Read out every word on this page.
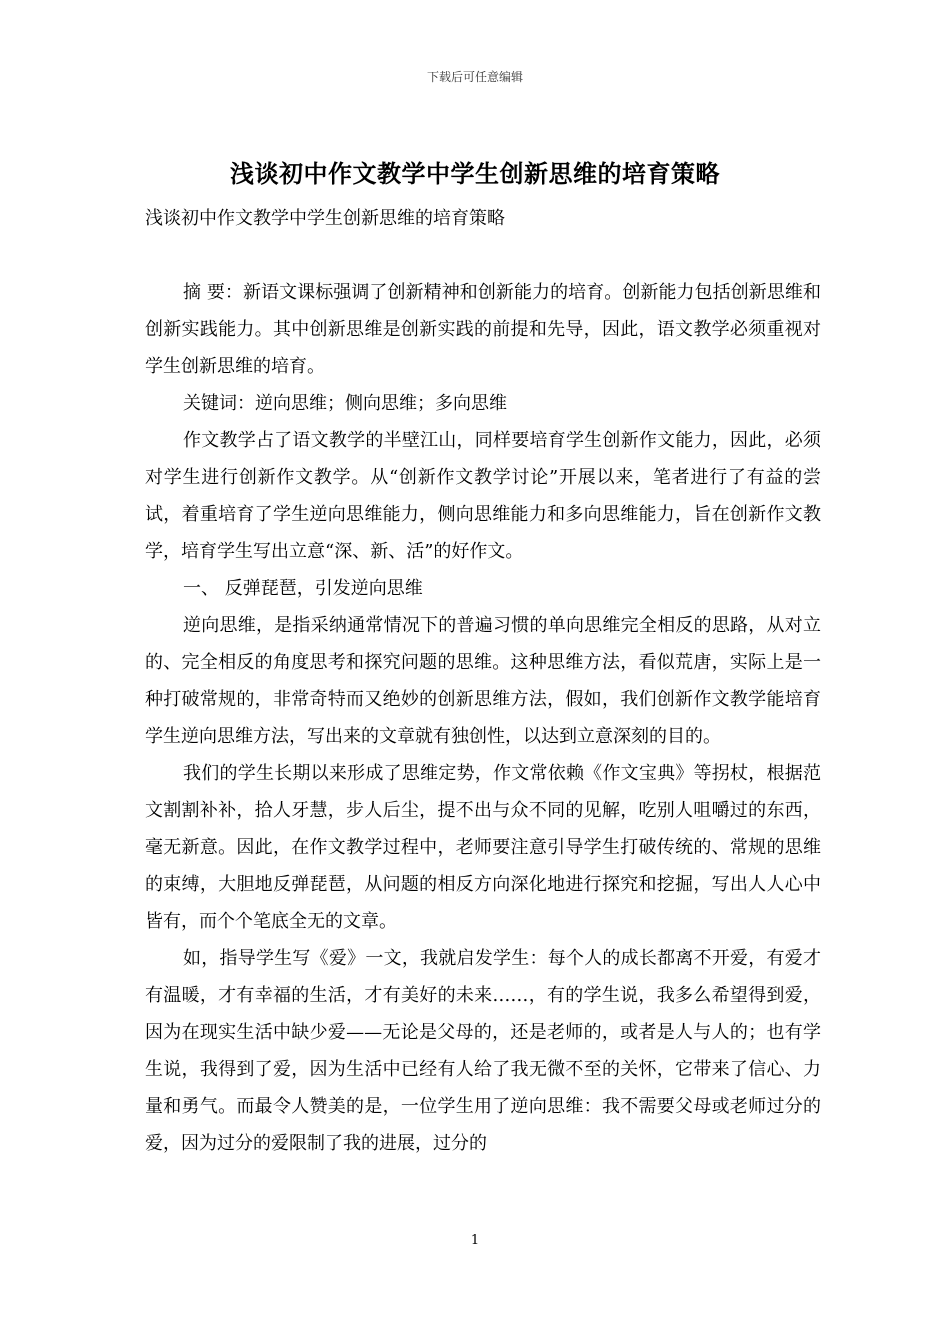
下载后可任意编辑
浅谈初中作文教学中学生创新思维的培育策略

浅谈初中作文教学中学生创新思维的培育策略

摘 要：新语文课标强调了创新精神和创新能力的培育。创新能力包括创新思维和创新实践能力。其中创新思维是创新实践的前提和先导，因此，语文教学必须重视对学生创新思维的培育。

关键词：逆向思维；侧向思维；多向思维

作文教学占了语文教学的半壁江山，同样要培育学生创新作文能力，因此，必须对学生进行创新作文教学。从“创新作文教学讨论”开展以来，笔者进行了有益的尝试，着重培育了学生逆向思维能力，侧向思维能力和多向思维能力，旨在创新作文教学，培育学生写出立意“深、新、活”的好作文。

一、 反弹琵琶，引发逆向思维

逆向思维，是指采纳通常情况下的普遍习惯的单向思维完全相反的思路，从对立的、完全相反的角度思考和探究问题的思维。这种思维方法，看似荒唐，实际上是一种打破常规的，非常奇特而又绝妙的创新思维方法，假如，我们创新作文教学能培育学生逆向思维方法，写出来的文章就有独创性，以达到立意深刻的目的。

我们的学生长期以来形成了思维定势，作文常依赖《作文宝典》等拐杖，根据范文割割补补，拾人牙慧，步人后尘，提不出与众不同的见解，吃别人咀嚼过的东西，毫无新意。因此，在作文教学过程中，老师要注意引导学生打破传统的、常规的思维的束缚，大胆地反弹琵琶，从问题的相反方向深化地进行探究和挖掘，写出人人心中皆有，而个个笔底全无的文章。

如，指导学生写《爱》一文，我就启发学生：每个人的成长都离不开爱，有爱才有温暖，才有幸福的生活，才有美好的未来……，有的学生说，我多么希望得到爱，因为在现实生活中缺少爱——无论是父母的，还是老师的，或者是人与人的；也有学生说，我得到了爱，因为生活中已经有人给了我无微不至的关怀，它带来了信心、力量和勇气。而最令人赞美的是，一位学生用了逆向思维：我不需要父母或老师过分的爱，因为过分的爱限制了我的进展，过分的

1
